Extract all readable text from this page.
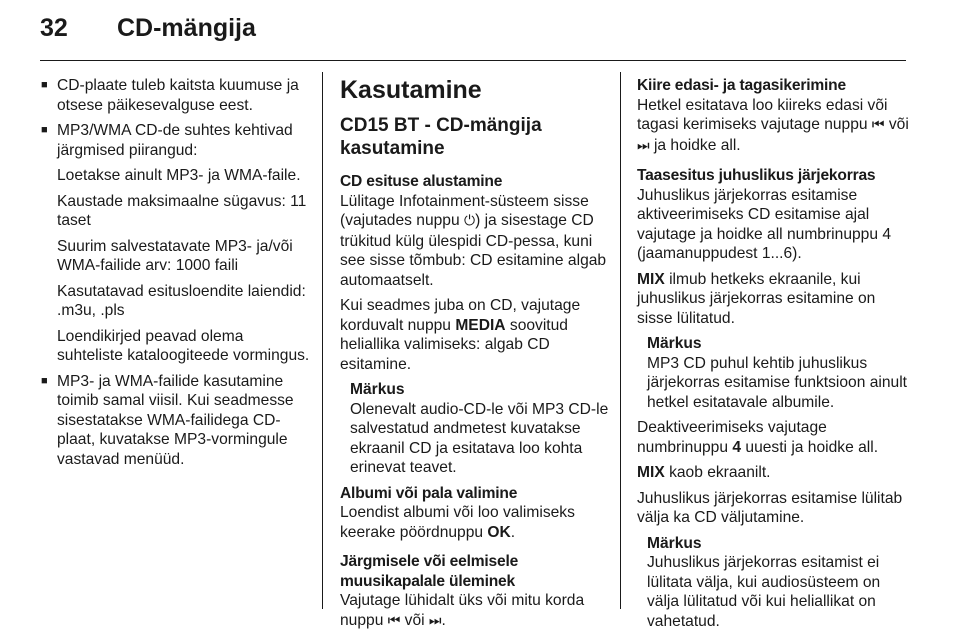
32 CD-mängija
■ CD-plaate tuleb kaitsta kuumuse ja otsese päikesevalguse eest.
■ MP3/WMA CD-de suhtes kehtivad järgmised piirangud:

Loetakse ainult MP3- ja WMA-faile.

Kaustade maksimaalne sügavus: 11 taset

Suurim salvestatavate MP3- ja/või WMA-failide arv: 1000 faili

Kasutatavad esitusloendite laiendid: .m3u, .pls

Loendikirjed peavad olema suhteliste kataloogiteede vormingus.

■ MP3- ja WMA-failide kasutamine toimib samal viisil. Kui seadmesse sisestatakse WMA-failidega CD-plaat, kuvatakse MP3-vormingule vastavad menüüd.
Kasutamine
CD15 BT - CD-mängija kasutamine

CD esituse alustamine

Lülitage Infotainment-süsteem sisse (vajutades nuppu ⏻) ja sisestage CD trükitud külg ülespidi CD-pessa, kuni see sisse tõmbub: CD esitamine algab automaatselt.

Kui seadmes juba on CD, vajutage korduvalt nuppu MEDIA soovitud heliallika valimiseks: algab CD esitamine.

Märkus
Olenevalt audio-CD-le või MP3 CD-le salvestatud andmetest kuvatakse ekraanil CD ja esitatava loo kohta erinevat teavet.

Albumi või pala valimine

Loendist albumi või loo valimiseks keerake pöördnuppu OK.

Järgmisele või eelmisele muusikapalale üleminek

Vajutage lühidalt üks või mitu korda nuppu ⏮ või ⏭.

Kiire edasi- ja tagasikerimine

Hetkel esitatava loo kiireks edasi või tagasi kerimiseks vajutage nuppu ⏮ või ⏭ ja hoidke all.

Taasesitus juhuslikus järjekorras

Juhuslikus järjekorras esitamise aktiveerimiseks CD esitamise ajal vajutage ja hoidke all numbrinuppu 4 (jaamanuppudest 1...6).

MIX ilmub hetkeks ekraanile, kui juhuslikus järjekorras esitamine on sisse lülitatud.

Märkus
MP3 CD puhul kehtib juhuslikus järjekorras esitamise funktsioon ainult hetkel esitatavale albumile.

Deaktiveerimiseks vajutage numbrinuppu 4 uuesti ja hoidke all.

MIX kaob ekraanilt.

Juhuslikus järjekorras esitamise lülitab välja ka CD väljutamine.

Märkus
Juhuslikus järjekorras esitamist ei lülitata välja, kui audiosüsteem on välja lülitatud või kui heliallikat on vahetatud.
